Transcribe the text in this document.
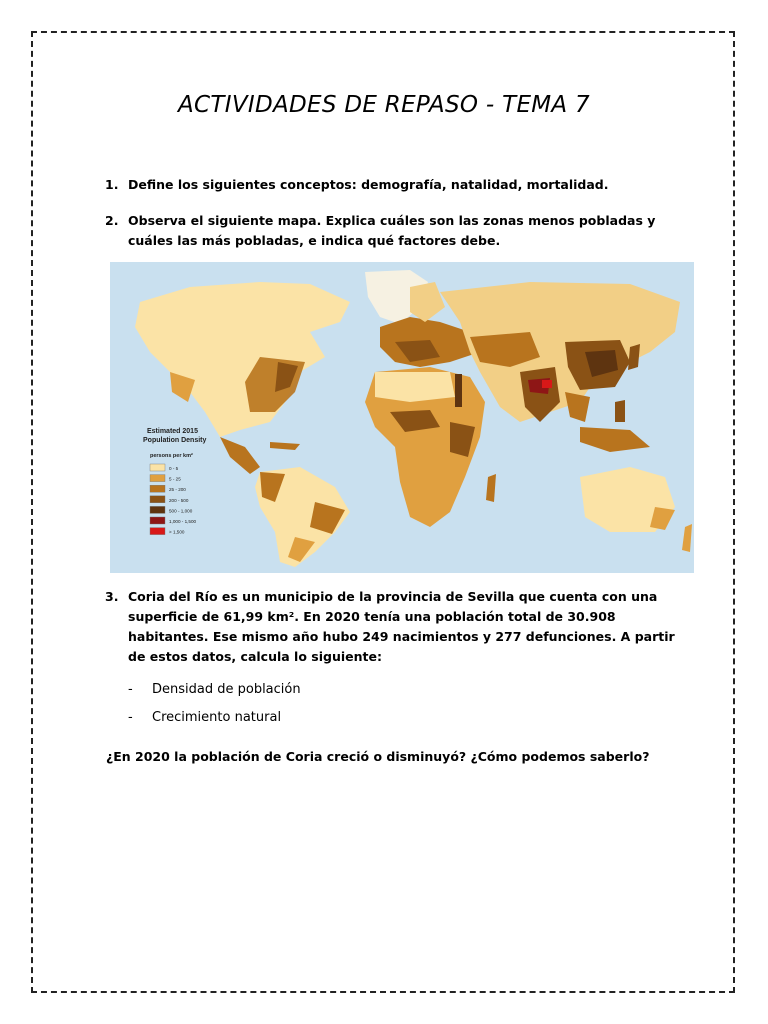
ACTIVIDADES DE REPASO - TEMA 7
1. Define los siguientes conceptos: demografía, natalidad, mortalidad.
2. Observa el siguiente mapa. Explica cuáles son las zonas menos pobladas y cuáles las más pobladas, e indica qué factores debe.
Estimated 2015
Population Density
persons per km²
0 - 5
5 - 25
25 - 200
200 - 500
500 - 1,000
1,000 - 1,500
> 1,500
3. Coria del Río es un municipio de la provincia de Sevilla que cuenta con una superficie de 61,99 km². En 2020 tenía una población total de 30.908 habitantes. Ese mismo año hubo 249 nacimientos y 277 defunciones. A partir de estos datos, calcula lo siguiente:
- Densidad de población
- Crecimiento natural
¿En 2020 la población de Coria creció o disminuyó? ¿Cómo podemos saberlo?
